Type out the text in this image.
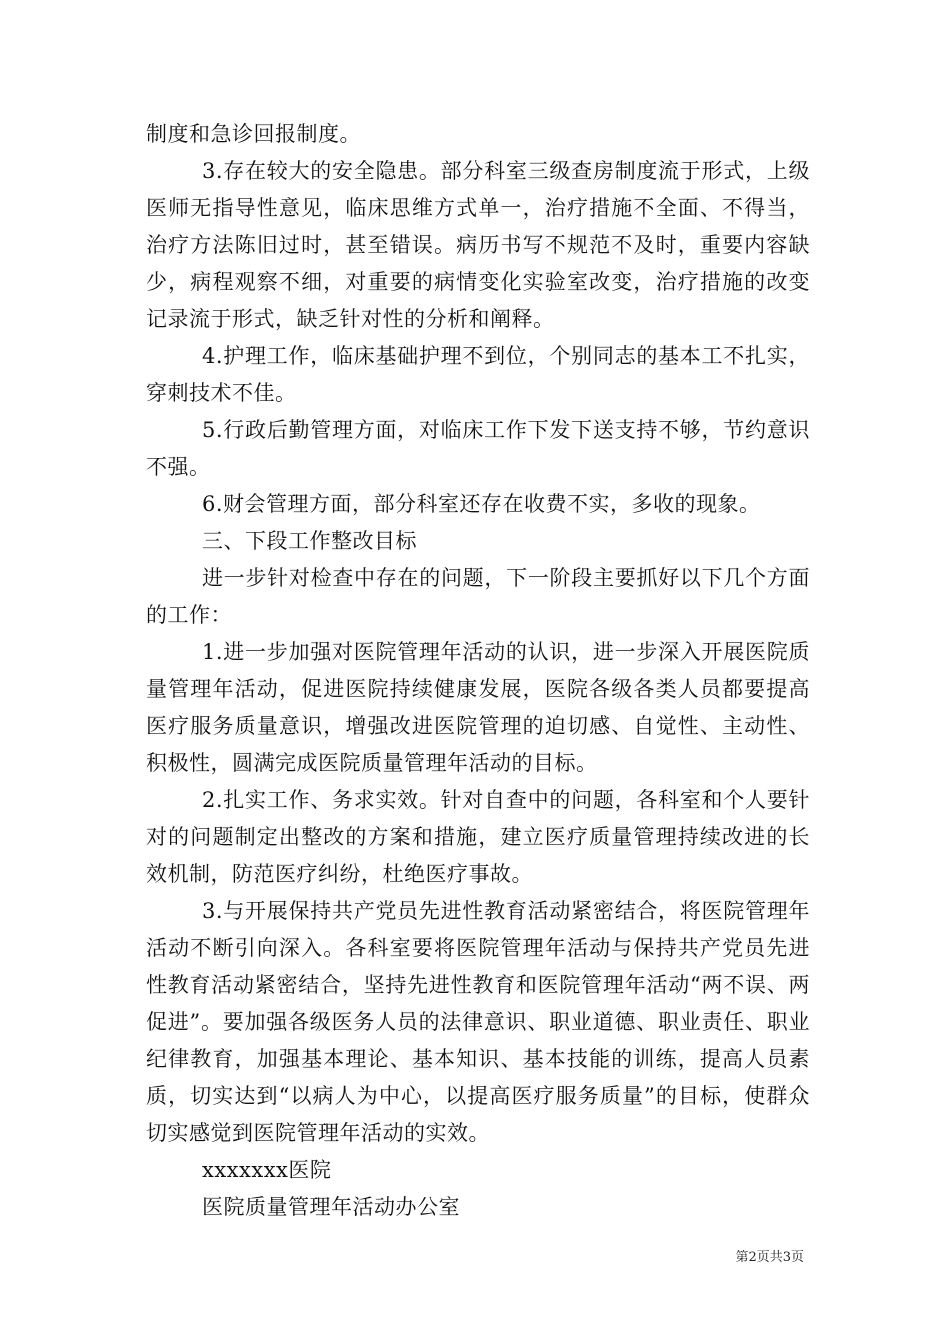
制度和急诊回报制度。

3.存在较大的安全隐患。部分科室三级查房制度流于形式，上级医师无指导性意见，临床思维方式单一，治疗措施不全面、不得当，治疗方法陈旧过时，甚至错误。病历书写不规范不及时，重要内容缺少，病程观察不细，对重要的病情变化实验室改变，治疗措施的改变记录流于形式，缺乏针对性的分析和阐释。

4.护理工作，临床基础护理不到位，个别同志的基本工不扎实，穿刺技术不佳。

5.行政后勤管理方面，对临床工作下发下送支持不够，节约意识不强。

6.财会管理方面，部分科室还存在收费不实，多收的现象。

三、下段工作整改目标

进一步针对检查中存在的问题，下一阶段主要抓好以下几个方面的工作：

1.进一步加强对医院管理年活动的认识，进一步深入开展医院质量管理年活动，促进医院持续健康发展，医院各级各类人员都要提高医疗服务质量意识，增强改进医院管理的迫切感、自觉性、主动性、积极性，圆满完成医院质量管理年活动的目标。

2.扎实工作、务求实效。针对自查中的问题，各科室和个人要针对的问题制定出整改的方案和措施，建立医疗质量管理持续改进的长效机制，防范医疗纠纷，杜绝医疗事故。

3.与开展保持共产党员先进性教育活动紧密结合，将医院管理年活动不断引向深入。各科室要将医院管理年活动与保持共产党员先进性教育活动紧密结合，坚持先进性教育和医院管理年活动“两不误、两促进”。要加强各级医务人员的法律意识、职业道德、职业责任、职业纪律教育，加强基本理论、基本知识、基本技能的训练，提高人员素质，切实达到“以病人为中心，以提高医疗服务质量”的目标，使群众切实感觉到医院管理年活动的实效。

xxxxxxx医院

医院质量管理年活动办公室

第2页共3页
